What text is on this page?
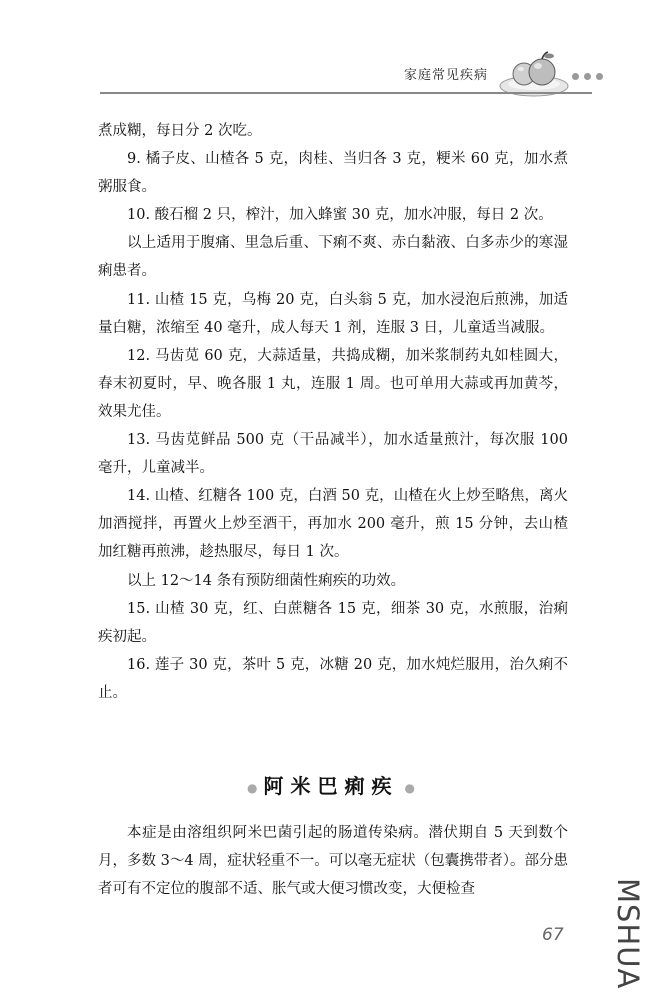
家庭常见疾病

煮成糊，每日分 2 次吃。

9. 橘子皮、山楂各 5 克，肉桂、当归各 3 克，粳米 60 克，加水煮粥服食。

10. 酸石榴 2 只，榨汁，加入蜂蜜 30 克，加水冲服，每日 2 次。

以上适用于腹痛、里急后重、下痢不爽、赤白黏液、白多赤少的寒湿痢患者。

11. 山楂 15 克，乌梅 20 克，白头翁 5 克，加水浸泡后煎沸，加适量白糖，浓缩至 40 毫升，成人每天 1 剂，连服 3 日，儿童适当减服。

12. 马齿苋 60 克，大蒜适量，共捣成糊，加米浆制药丸如桂圆大，春末初夏时，早、晚各服 1 丸，连服 1 周。也可单用大蒜或再加黄芩，效果尤佳。

13. 马齿苋鲜品 500 克（干品减半），加水适量煎汁，每次服 100 毫升，儿童减半。

14. 山楂、红糖各 100 克，白酒 50 克，山楂在火上炒至略焦，离火加酒搅拌，再置火上炒至酒干，再加水 200 毫升，煎 15 分钟，去山楂加红糖再煎沸，趁热服尽，每日 1 次。

以上 12～14 条有预防细菌性痢疾的功效。

15. 山楂 30 克，红、白蔗糖各 15 克，细茶 30 克，水煎服，治痢疾初起。

16. 莲子 30 克，茶叶 5 克，冰糖 20 克，加水炖烂服用，治久痢不止。

● 阿米巴痢疾 ●

本症是由溶组织阿米巴菌引起的肠道传染病。潜伏期自 5 天到数个月，多数 3～4 周，症状轻重不一。可以毫无症状（包囊携带者）。部分患者可有不定位的腹部不适、胀气或大便习惯改变，大便检查

67 MSHUA
